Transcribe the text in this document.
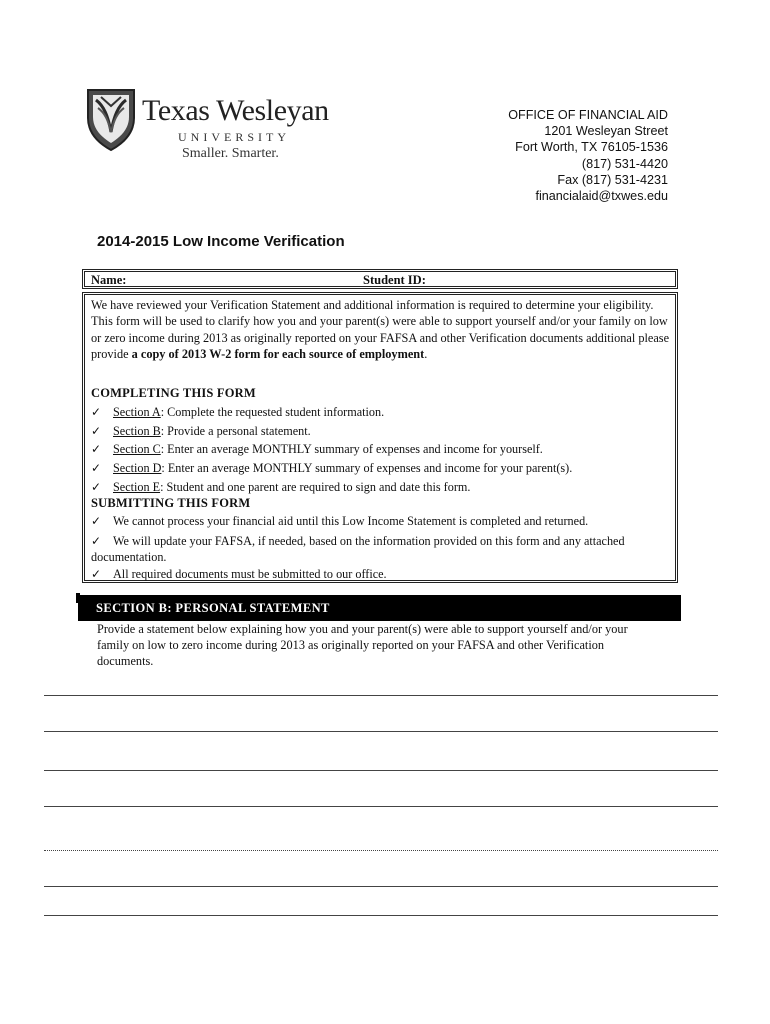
Texas Wesleyan
UNIVERSITY
Smaller. Smarter.
OFFICE OF FINANCIAL AID
1201 Wesleyan Street
Fort Worth, TX 76105-1536
(817) 531-4420
Fax (817) 531-4231
financialaid@txwes.edu
2014-2015 Low Income Verification
Name:	Student ID:
We have reviewed your Verification Statement and additional information is required to determine your eligibility. This form will be used to clarify how you and your parent(s) were able to support yourself and/or your family on low or zero income during 2013 as originally reported on your FAFSA and other Verification documents additional please provide a copy of 2013 W-2 form for each source of employment.
COMPLETING THIS FORM
✓ Section A: Complete the requested student information.
✓ Section B: Provide a personal statement.
✓ Section C: Enter an average MONTHLY summary of expenses and income for yourself.
✓ Section D: Enter an average MONTHLY summary of expenses and income for your parent(s).
✓ Section E: Student and one parent are required to sign and date this form.
SUBMITTING THIS FORM
✓ We cannot process your financial aid until this Low Income Statement is completed and returned.
✓ We will update your FAFSA, if needed, based on the information provided on this form and any attached documentation.
✓ All required documents must be submitted to our office.
SECTION B: PERSONAL STATEMENT
Provide a statement below explaining how you and your parent(s) were able to support yourself and/or your family on low to zero income during 2013 as originally reported on your FAFSA and other Verification documents.
